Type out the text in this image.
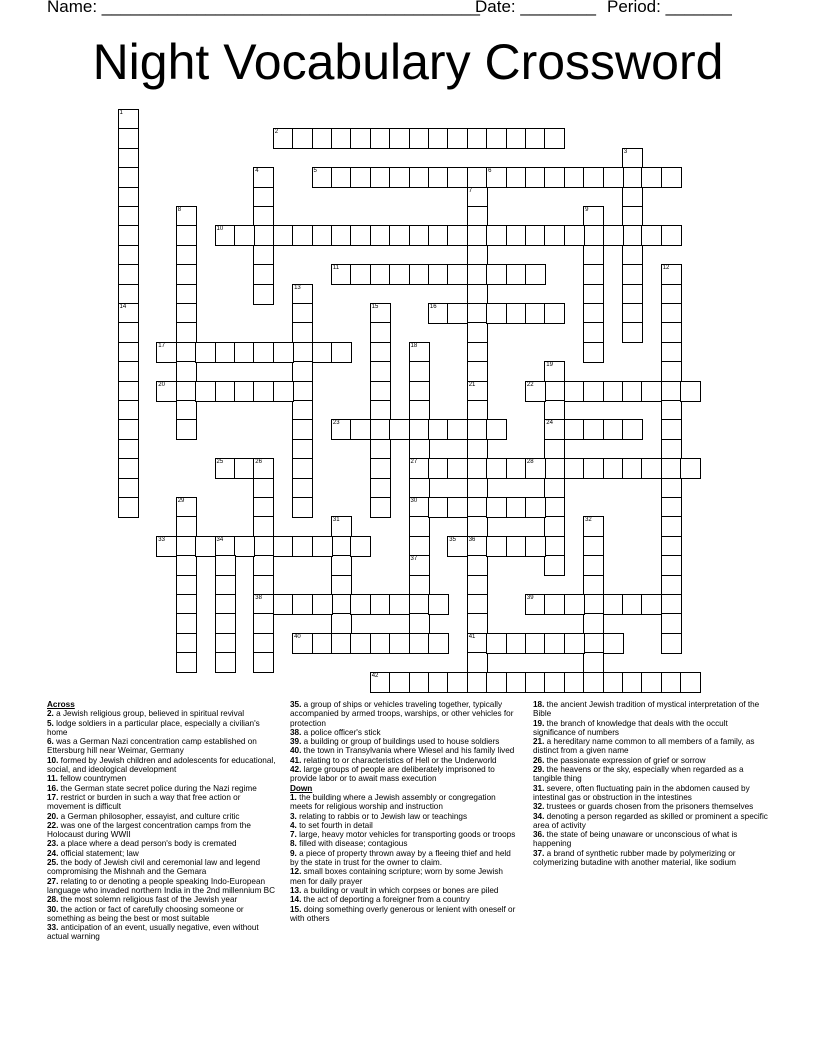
Name: ________________________________________
Date: ________ Period: _______
Night Vocabulary Crossword
1
14
2
3
4	5	6
7
21
36
41
8	9
10
11	12
13
15	16
17	18
27
30
37
19
24
20	22
23
25	26
38
28
29
31	32
33	34	35
39
40
42
Across
2. a Jewish religious group, believed in spiritual revival
5. lodge soldiers in a particular place, especially a civilian's home
6. was a German Nazi concentration camp established on Ettersburg hill near Weimar, Germany
10. formed by Jewish children and adolescents for educational, social, and ideological development
11. fellow countrymen
16. the German state secret police during the Nazi regime
17. restrict or burden in such a way that free action or movement is difficult
20. a German philosopher, essayist, and culture critic
22. was one of the largest concentration camps from the Holocaust during WWII
23. a place where a dead person's body is cremated
24. official statement; law
25. the body of Jewish civil and ceremonial law and legend compromising the Mishnah and the Gemara
27. relating to or denoting a people speaking Indo-European language who invaded northern India in the 2nd millennium BC
28. the most solemn religious fast of the Jewish year
30. the action or fact of carefully choosing someone or something as being the best or most suitable
33. anticipation of an event, usually negative, even without actual warning
35. a group of ships or vehicles traveling together, typically accompanied by armed troops, warships, or other vehicles for protection
38. a police officer's stick
39. a building or group of buildings used to house soldiers
40. the town in Transylvania where Wiesel and his family lived
41. relating to or characteristics of Hell or the Underworld
42. large groups of people are deliberately imprisoned to provide labor or to await mass execution
Down
1. the building where a Jewish assembly or congregation meets for religious worship and instruction
3. relating to rabbis or to Jewish law or teachings
4. to set fourth in detail
7. large, heavy motor vehicles for transporting goods or troops
8. filled with disease; contagious
9. a piece of property thrown away by a fleeing thief and held by the state in trust for the owner to claim.
12. small boxes containing scripture; worn by some Jewish men for daily prayer
13. a building or vault in which corpses or bones are piled
14. the act of deporting a foreigner from a country
15. doing something overly generous or lenient with oneself or with others
18. the ancient Jewish tradition of mystical interpretation of the Bible
19. the branch of knowledge that deals with the occult significance of numbers
21. a hereditary name common to all members of a family, as distinct from a given name
26. the passionate expression of grief or sorrow
29. the heavens or the sky, especially when regarded as a tangible thing
31. severe, often fluctuating pain in the abdomen caused by intestinal gas or obstruction in the intestines
32. trustees or guards chosen from the prisoners themselves
34. denoting a person regarded as skilled or prominent a specific area of activity
36. the state of being unaware or unconscious of what is happening
37. a brand of synthetic rubber made by polymerizing or colymerizing butadine with another material, like sodium
